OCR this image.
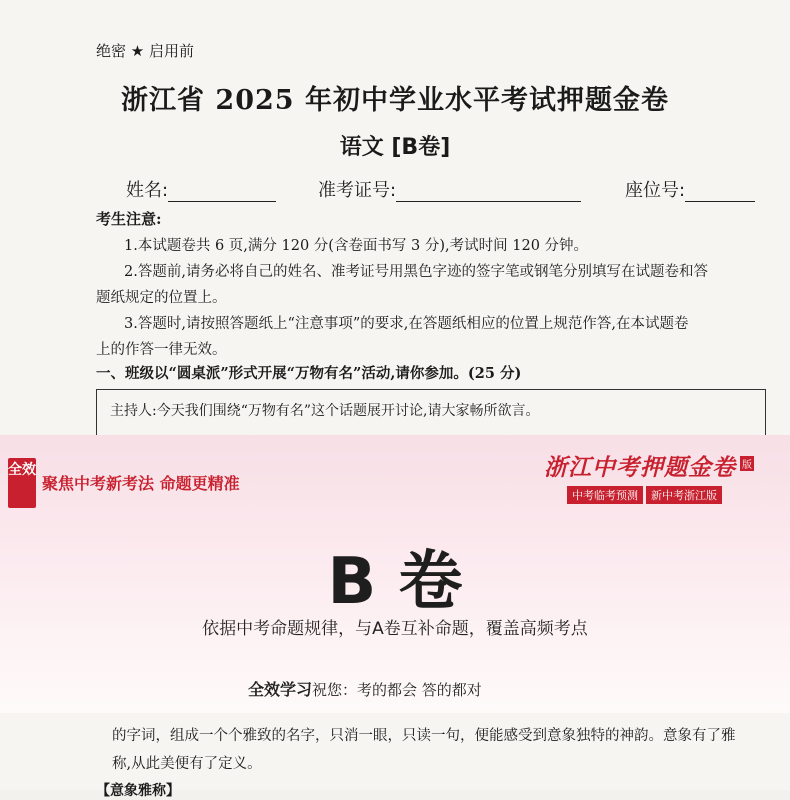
绝密 ★ 启用前
浙江省 2025 年初中学业水平考试押题金卷
语文 [B卷]
姓名:	准考证号:	座位号:
考生注意:
1.本试题卷共 6 页,满分 120 分(含卷面书写 3 分),考试时间 120 分钟。
2.答题前,请务必将自己的姓名、准考证号用黑色字迹的签字笔或钢笔分别填写在试题卷和答
题纸规定的位置上。
3.答题时,请按照答题纸上“注意事项”的要求,在答题纸相应的位置上规范作答,在本试题卷
上的作答一律无效。
一、班级以“圆桌派”形式开展“万物有名”活动,请你参加。(25 分)
主持人:今天我们围绕“万物有名”这个话题展开讨论,请大家畅所欲言。
全效
聚焦中考新考法 命题更精准
浙江中考押题金卷 版
中考临考预测 新中考浙江版
B 卷
依据中考命题规律，与A卷互补命题，覆盖高频考点
全效学习祝您：考的都会 答的都对
的字词，组成一个个雅致的名字，只消一眼，只读一句，便能感受到意象独特的神韵。意象有了雅
称,从此美便有了定义。
【意象雅称】
